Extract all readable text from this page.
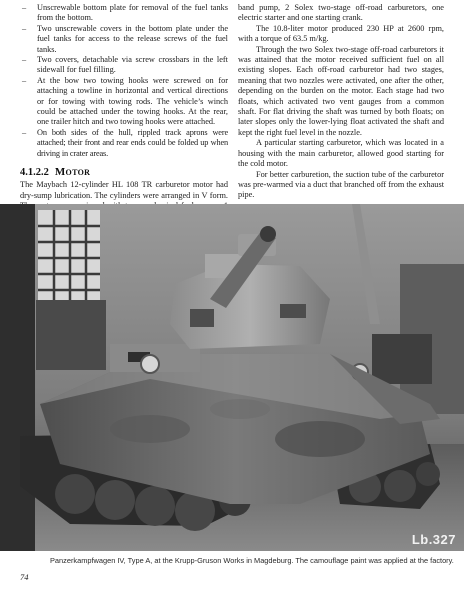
– Unscrewable bottom plate for removal of the fuel tanks from the bottom.
– Two unscrewable covers in the bottom plate under the fuel tanks for access to the release screws of the fuel tanks.
– Two covers, detachable via screw crossbars in the left sidewall for fuel filling.
– At the bow two towing hooks were screwed on for attaching a towline in horizontal and vertical directions or for towing with towing rods. The vehicle’s winch could be attached under the towing hooks. At the rear, one trailer hitch and two towing hooks were attached.
– On both sides of the hull, rippled track aprons were attached; their front and rear ends could be folded up when driving in crater areas.
4.1.2.2 Motor

The Maybach 12-cylinder HL 108 TR carburetor motor had dry-sump lubrication. The cylinders were arranged in V form.

band pump, 2 Solex two-stage off-road carburetors, one electric starter and one starting crank.

The 10.8-liter motor produced 230 HP at 2600 rpm, with a torque of 63.5 m/kg.

Through the two Solex two-stage off-road carburetors it was attained that the motor received sufficient fuel on all existing slopes. Each off-road carburetor had two stages, meaning that two nozzles were activated, one after the other, depending on the burden on the motor. Each stage had two floats, which activated two vent gauges from a common shaft. For flat driving the shaft was turned by both floats; on later slopes only the lower-lying float activated the shaft and kept the right fuel level in the nozzle.

A particular starting carburetor, which was located in a housing with the main carburetor, allowed good starting for the cold motor.

For better carburetion, the suction tube of the carburetor was pre-warmed via a duct that branched off from the exhaust pipe.

Lb.327
Panzerkampfwagen IV, Type A, at the Krupp-Gruson Works in Magdeburg. The camouflage paint was applied at the factory.
74
